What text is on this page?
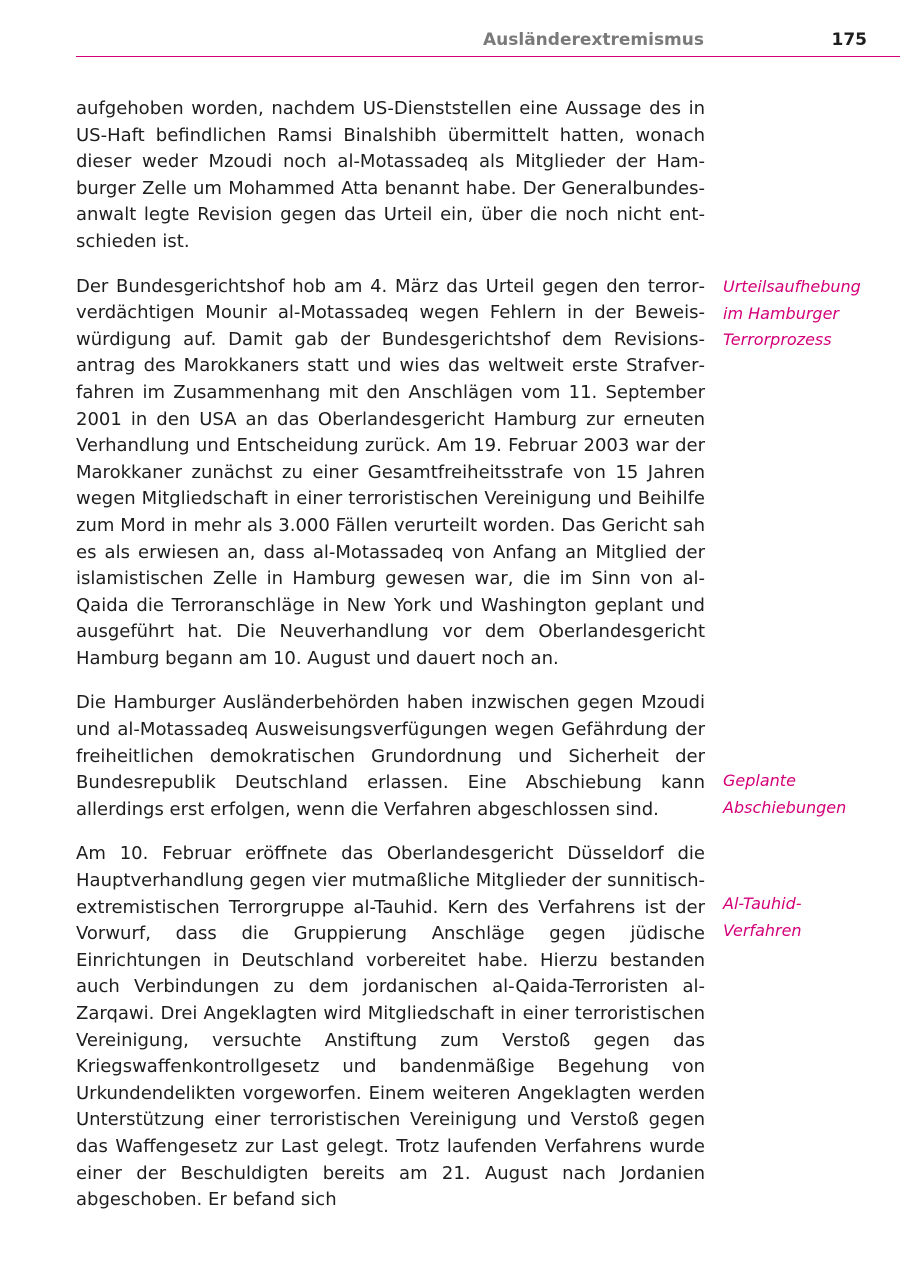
Ausländerextremismus	175

aufgehoben worden, nachdem US-Dienststellen eine Aussage des in US-Haft befindlichen Ramsi Binalshibh übermittelt hatten, wonach dieser weder Mzoudi noch al-Motassadeq als Mitglieder der Hamburger Zelle um Mohammed Atta benannt habe. Der Generalbundesanwalt legte Revision gegen das Urteil ein, über die noch nicht entschieden ist.

Der Bundesgerichtshof hob am 4. März das Urteil gegen den terrorverdächtigen Mounir al-Motassadeq wegen Fehlern in der Beweiswürdigung auf. Damit gab der Bundesgerichtshof dem Revisionsantrag des Marokkaners statt und wies das weltweit erste Strafverfahren im Zusammenhang mit den Anschlägen vom 11. September 2001 in den USA an das Oberlandesgericht Hamburg zur erneuten Verhandlung und Entscheidung zurück. Am 19. Februar 2003 war der Marokkaner zunächst zu einer Gesamtfreiheitsstrafe von 15 Jahren wegen Mitgliedschaft in einer terroristischen Vereinigung und Beihilfe zum Mord in mehr als 3.000 Fällen verurteilt worden. Das Gericht sah es als erwiesen an, dass al-Motassadeq von Anfang an Mitglied der islamistischen Zelle in Hamburg gewesen war, die im Sinn von al-Qaida die Terroranschläge in New York und Washington geplant und ausgeführt hat. Die Neuverhandlung vor dem Oberlandesgericht Hamburg begann am 10. August und dauert noch an.

Die Hamburger Ausländerbehörden haben inzwischen gegen Mzoudi und al-Motassadeq Ausweisungsverfügungen wegen Gefährdung der freiheitlichen demokratischen Grundordnung und Sicherheit der Bundesrepublik Deutschland erlassen. Eine Abschiebung kann allerdings erst erfolgen, wenn die Verfahren abgeschlossen sind.

Am 10. Februar eröffnete das Oberlandesgericht Düsseldorf die Hauptverhandlung gegen vier mutmaßliche Mitglieder der sunnitisch-extremistischen Terrorgruppe al-Tauhid. Kern des Verfahrens ist der Vorwurf, dass die Gruppierung Anschläge gegen jüdische Einrichtungen in Deutschland vorbereitet habe. Hierzu bestanden auch Verbindungen zu dem jordanischen al-Qaida-Terroristen al-Zarqawi. Drei Angeklagten wird Mitgliedschaft in einer terroristischen Vereinigung, versuchte Anstiftung zum Verstoß gegen das Kriegswaffenkontrollgesetz und bandenmäßige Begehung von Urkundendelikten vorgeworfen. Einem weiteren Angeklagten werden Unterstützung einer terroristischen Vereinigung und Verstoß gegen das Waffengesetz zur Last gelegt. Trotz laufenden Verfahrens wurde einer der Beschuldigten bereits am 21. August nach Jordanien abgeschoben. Er befand sich

Urteilsaufhebung
im Hamburger
Terrorprozess
Geplante
Abschiebungen
Al-Tauhid-
Verfahren
